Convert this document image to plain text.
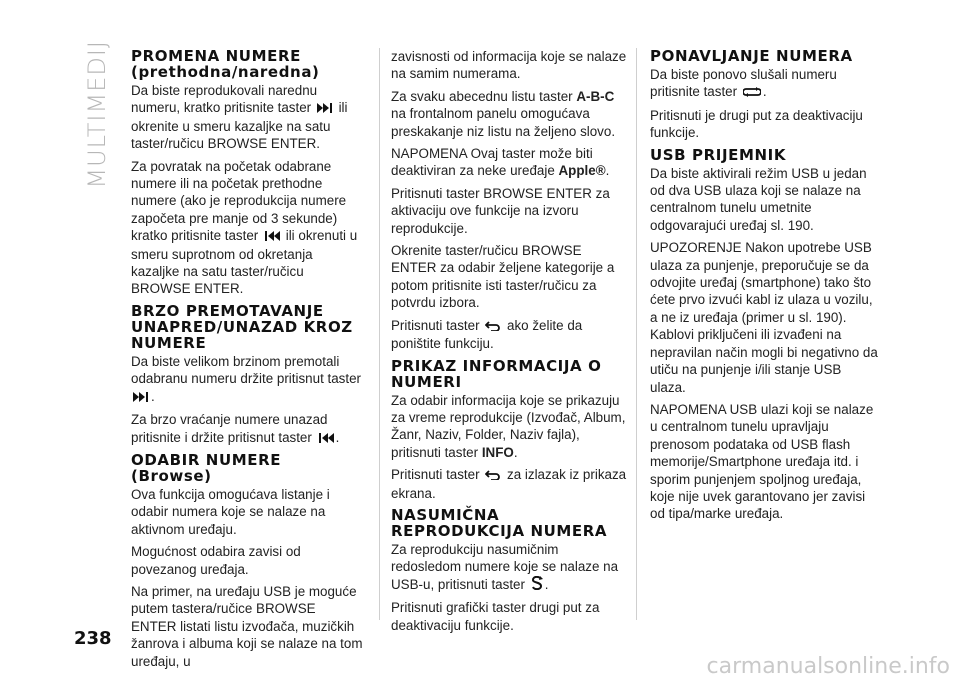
MULTIMEDIJ PROMENA NUMERE (prethodna/naredna)

Da biste reprodukovali narednu numeru, kratko pritisnite taster ili okrenite u smeru kazaljke na satu taster/ručicu BROWSE ENTER.

Za povratak na početak odabrane numere ili na početak prethodne numere (ako je reprodukcija numere započeta pre manje od 3 sekunde) kratko pritisnite taster ili okrenuti u smeru suprotnom od okretanja kazaljke na satu taster/ručicu BROWSE ENTER.

BRZO PREMOTAVANJE UNAPRED/UNAZAD KROZ NUMERE

Da biste velikom brzinom premotali odabranu numeru držite pritisnut taster .

Za brzo vraćanje numere unazad pritisnite i držite pritisnut taster .

ODABIR NUMERE (Browse)

Ova funkcija omogućava listanje i odabir numera koje se nalaze na aktivnom uređaju.

Mogućnost odabira zavisi od povezanog uređaja.

Na primer, na uređaju USB je moguće putem tastera/ručice BROWSE ENTER listati listu izvođača, muzičkih žanrova i albuma koji se nalaze na tom uređaju, u

zavisnosti od informacija koje se nalaze na samim numerama.

Za svaku abecednu listu taster A-B-C na frontalnom panelu omogućava preskakanje niz listu na željeno slovo.

NAPOMENA Ovaj taster može biti deaktiviran za neke uređaje Apple®.

Pritisnuti taster BROWSE ENTER za aktivaciju ove funkcije na izvoru reprodukcije.

Okrenite taster/ručicu BROWSE ENTER za odabir željene kategorije a potom pritisnite isti taster/ručicu za potvrdu izbora.

Pritisnuti taster ako želite da poništite funkciju.

PRIKAZ INFORMACIJA O NUMERI

Za odabir informacija koje se prikazuju za vreme reprodukcije (Izvođač, Album, Žanr, Naziv, Folder, Naziv fajla), pritisnuti taster INFO.

Pritisnuti taster za izlazak iz prikaza ekrana.

NASUMIČNA REPRODUKCIJA NUMERA

Za reprodukciju nasumičnim redosledom numere koje se nalaze na USB-u, pritisnuti taster .

Pritisnuti grafički taster drugi put za deaktivaciju funkcije.

PONAVLJANJE NUMERA

Da biste ponovo slušali numeru pritisnite taster .

Pritisnuti je drugi put za deaktivaciju funkcije.

USB PRIJEMNIK

Da biste aktivirali režim USB u jedan od dva USB ulaza koji se nalaze na centralnom tunelu umetnite odgovarajući uređaj sl. 190.

UPOZORENJE Nakon upotrebe USB ulaza za punjenje, preporučuje se da odvojite uređaj (smartphone) tako što ćete prvo izvući kabl iz ulaza u vozilu, a ne iz uređaja (primer u sl. 190). Kablovi priključeni ili izvađeni na nepravilan način mogli bi negativno da utiču na punjenje i/ili stanje USB ulaza.

NAPOMENA USB ulazi koji se nalaze u centralnom tunelu upravljaju prenosom podataka od USB flash memorije/Smartphone uređaja itd. i sporim punjenjem spoljnog uređaja, koje nije uvek garantovano jer zavisi od tipa/marke uređaja.

238
carmanualsonline.info
